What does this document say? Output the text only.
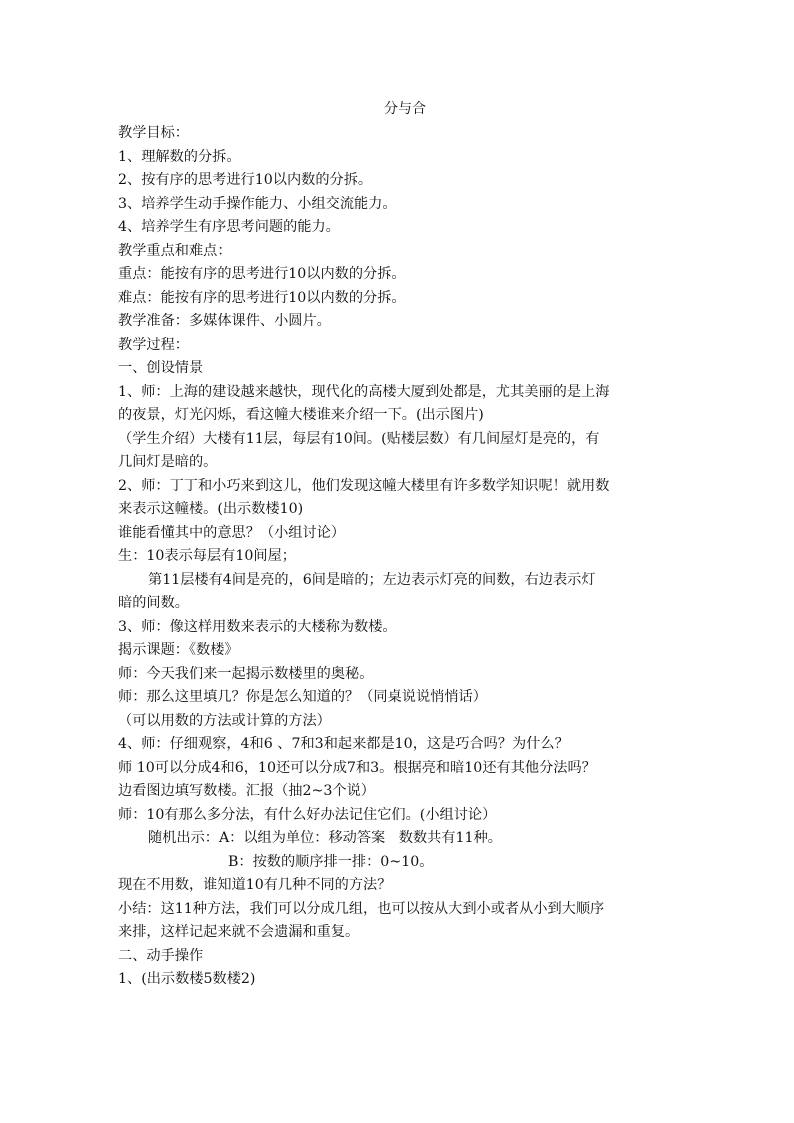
分与合
教学目标：
1、理解数的分拆。
2、按有序的思考进行10以内数的分拆。
3、培养学生动手操作能力、小组交流能力。
4、培养学生有序思考问题的能力。
教学重点和难点：
重点：能按有序的思考进行10以内数的分拆。
难点：能按有序的思考进行10以内数的分拆。
教学准备：多媒体课件、小圆片。
教学过程：
一、创设情景
1、师：上海的建设越来越快，现代化的高楼大厦到处都是，尤其美丽的是上海
的夜景，灯光闪烁，看这幢大楼谁来介绍一下。(出示图片)
（学生介绍）大楼有11层，每层有10间。(贴楼层数）有几间屋灯是亮的，有
几间灯是暗的。
2、师：丁丁和小巧来到这儿，他们发现这幢大楼里有许多数学知识呢！就用数
来表示这幢楼。(出示数楼10)
谁能看懂其中的意思？（小组讨论）
生：10表示每层有10间屋；
第11层楼有4间是亮的，6间是暗的；左边表示灯亮的间数，右边表示灯
暗的间数。
3、师：像这样用数来表示的大楼称为数楼。
揭示课题：《数楼》
师：今天我们来一起揭示数楼里的奥秘。
师：那么这里填几？你是怎么知道的？（同桌说说悄悄话）
（可以用数的方法或计算的方法）
4、师：仔细观察，4和6 、7和3和起来都是10，这是巧合吗？为什么？
师 10可以分成4和6，10还可以分成7和3。根据亮和暗10还有其他分法吗？
边看图边填写数楼。汇报（抽2~3个说）
师：10有那么多分法，有什么好办法记住它们。(小组讨论）
随机出示：A：以组为单位：移动答案   数数共有11种。
B：按数的顺序排一排：0~10。
现在不用数，谁知道10有几种不同的方法？
小结：这11种方法，我们可以分成几组，也可以按从大到小或者从小到大顺序
来排，这样记起来就不会遗漏和重复。
二、动手操作
1、(出示数楼5数楼2)
